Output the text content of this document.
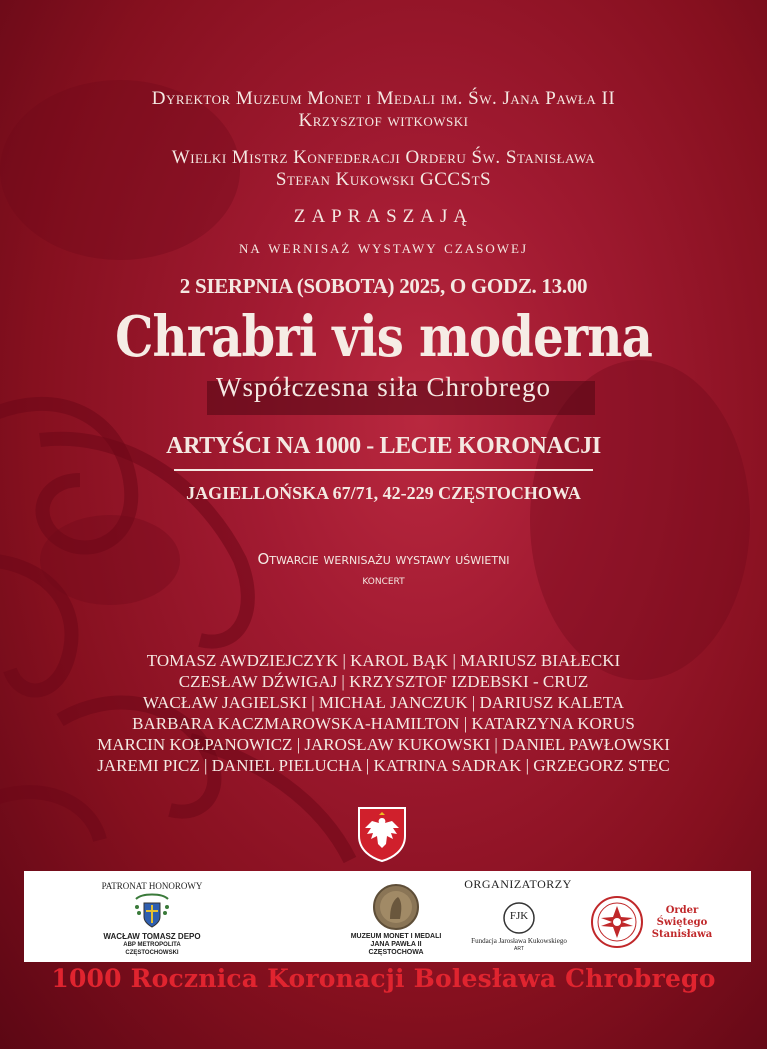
Dyrektor Muzeum Monet i Medali im. Św. Jana Pawła II
Krzysztof witkowski
Wielki Mistrz Konfederacji Orderu Św. Stanisława
Stefan Kukowski GCCStS
ZAPRASZAJĄ
na wernisaż wystawy czasowej
2 SIERPNIA (SOBOTA) 2025, O GODZ. 13.00
Chrabri vis moderna
Współczesna siła Chrobrego
ARTYŚCI NA 1000 - LECIE KORONACJI
JAGIELLOŃSKA 67/71, 42-229 CZĘSTOCHOWA
Otwarcie wernisażu wystawy uświetni
koncert
TOMASZ AWDZIEJCZYK | KAROL BĄK | MARIUSZ BIAŁECKI
CZESŁAW DŹWIGAJ | KRZYSZTOF IZDEBSKI - CRUZ
WACŁAW JAGIELSKI | MICHAŁ JANCZUK | DARIUSZ KALETA
BARBARA KACZMAROWSKA-HAMILTON | KATARZYNA KORUS
MARCIN KOŁPANOWICZ | JAROSŁAW KUKOWSKI | DANIEL PAWŁOWSKI
JAREMI PICZ | DANIEL PIELUCHA | KATRINA SADRAK | GRZEGORZ STEC
PATRONAT HONOROWY
WACŁAW TOMASZ DEPO
ABP METROPOLITA
CZĘSTOCHOWSKI
MUZEUM MONET I MEDALI
JANA PAWŁA II
CZĘSTOCHOWA
ORGANIZATORZY
FJK
Fundacja Jarosława Kukowskiego
ART
Order
Świętego
Stanisława
1000 Rocznica Koronacji Bolesława Chrobrego
